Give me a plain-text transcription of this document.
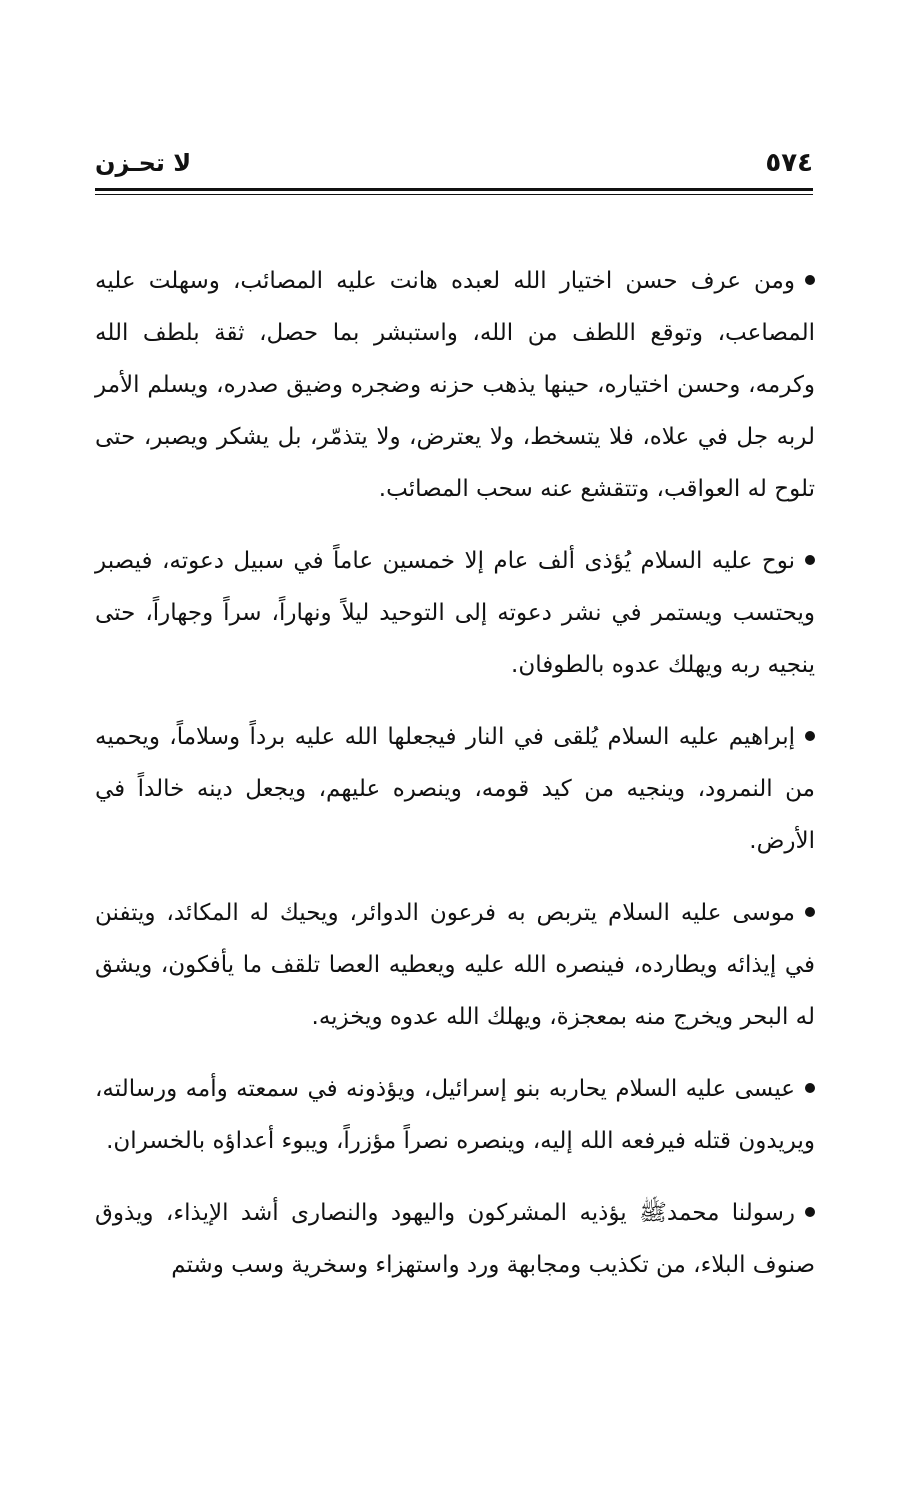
٥٧٤
لا تحـزن

ومن عرف حسن اختيار الله لعبده هانت عليه المصائب، وسهلت عليه المصاعب، وتوقع اللطف من الله، واستبشر بما حصل، ثقة بلطف الله وكرمه، وحسن اختياره، حينها يذهب حزنه وضجره وضيق صدره، ويسلم الأمر لربه جل في علاه، فلا يتسخط، ولا يعترض، ولا يتذمّر، بل يشكر ويصبر، حتى تلوح له العواقب، وتتقشع عنه سحب المصائب.

نوح عليه السلام يُؤذى ألف عام إلا خمسين عاماً في سبيل دعوته، فيصبر ويحتسب ويستمر في نشر دعوته إلى التوحيد ليلاً ونهاراً، سراً وجهاراً، حتى ينجيه ربه ويهلك عدوه بالطوفان.

إبراهيم عليه السلام يُلقى في النار فيجعلها الله عليه برداً وسلاماً، ويحميه من النمرود، وينجيه من كيد قومه، وينصره عليهم، ويجعل دينه خالداً في الأرض.

موسى عليه السلام يتربص به فرعون الدوائر، ويحيك له المكائد، ويتفنن في إيذائه ويطارده، فينصره الله عليه ويعطيه العصا تلقف ما يأفكون، ويشق له البحر ويخرج منه بمعجزة، ويهلك الله عدوه ويخزيه.

عيسى عليه السلام يحاربه بنو إسرائيل، ويؤذونه في سمعته وأمه ورسالته، ويريدون قتله فيرفعه الله إليه، وينصره نصراً مؤزراً، ويبوء أعداؤه بالخسران.

رسولنا محمدﷺ يؤذيه المشركون واليهود والنصارى أشد الإيذاء، ويذوق صنوف البلاء، من تكذيب ومجابهة ورد واستهزاء وسخرية وسب وشتم
